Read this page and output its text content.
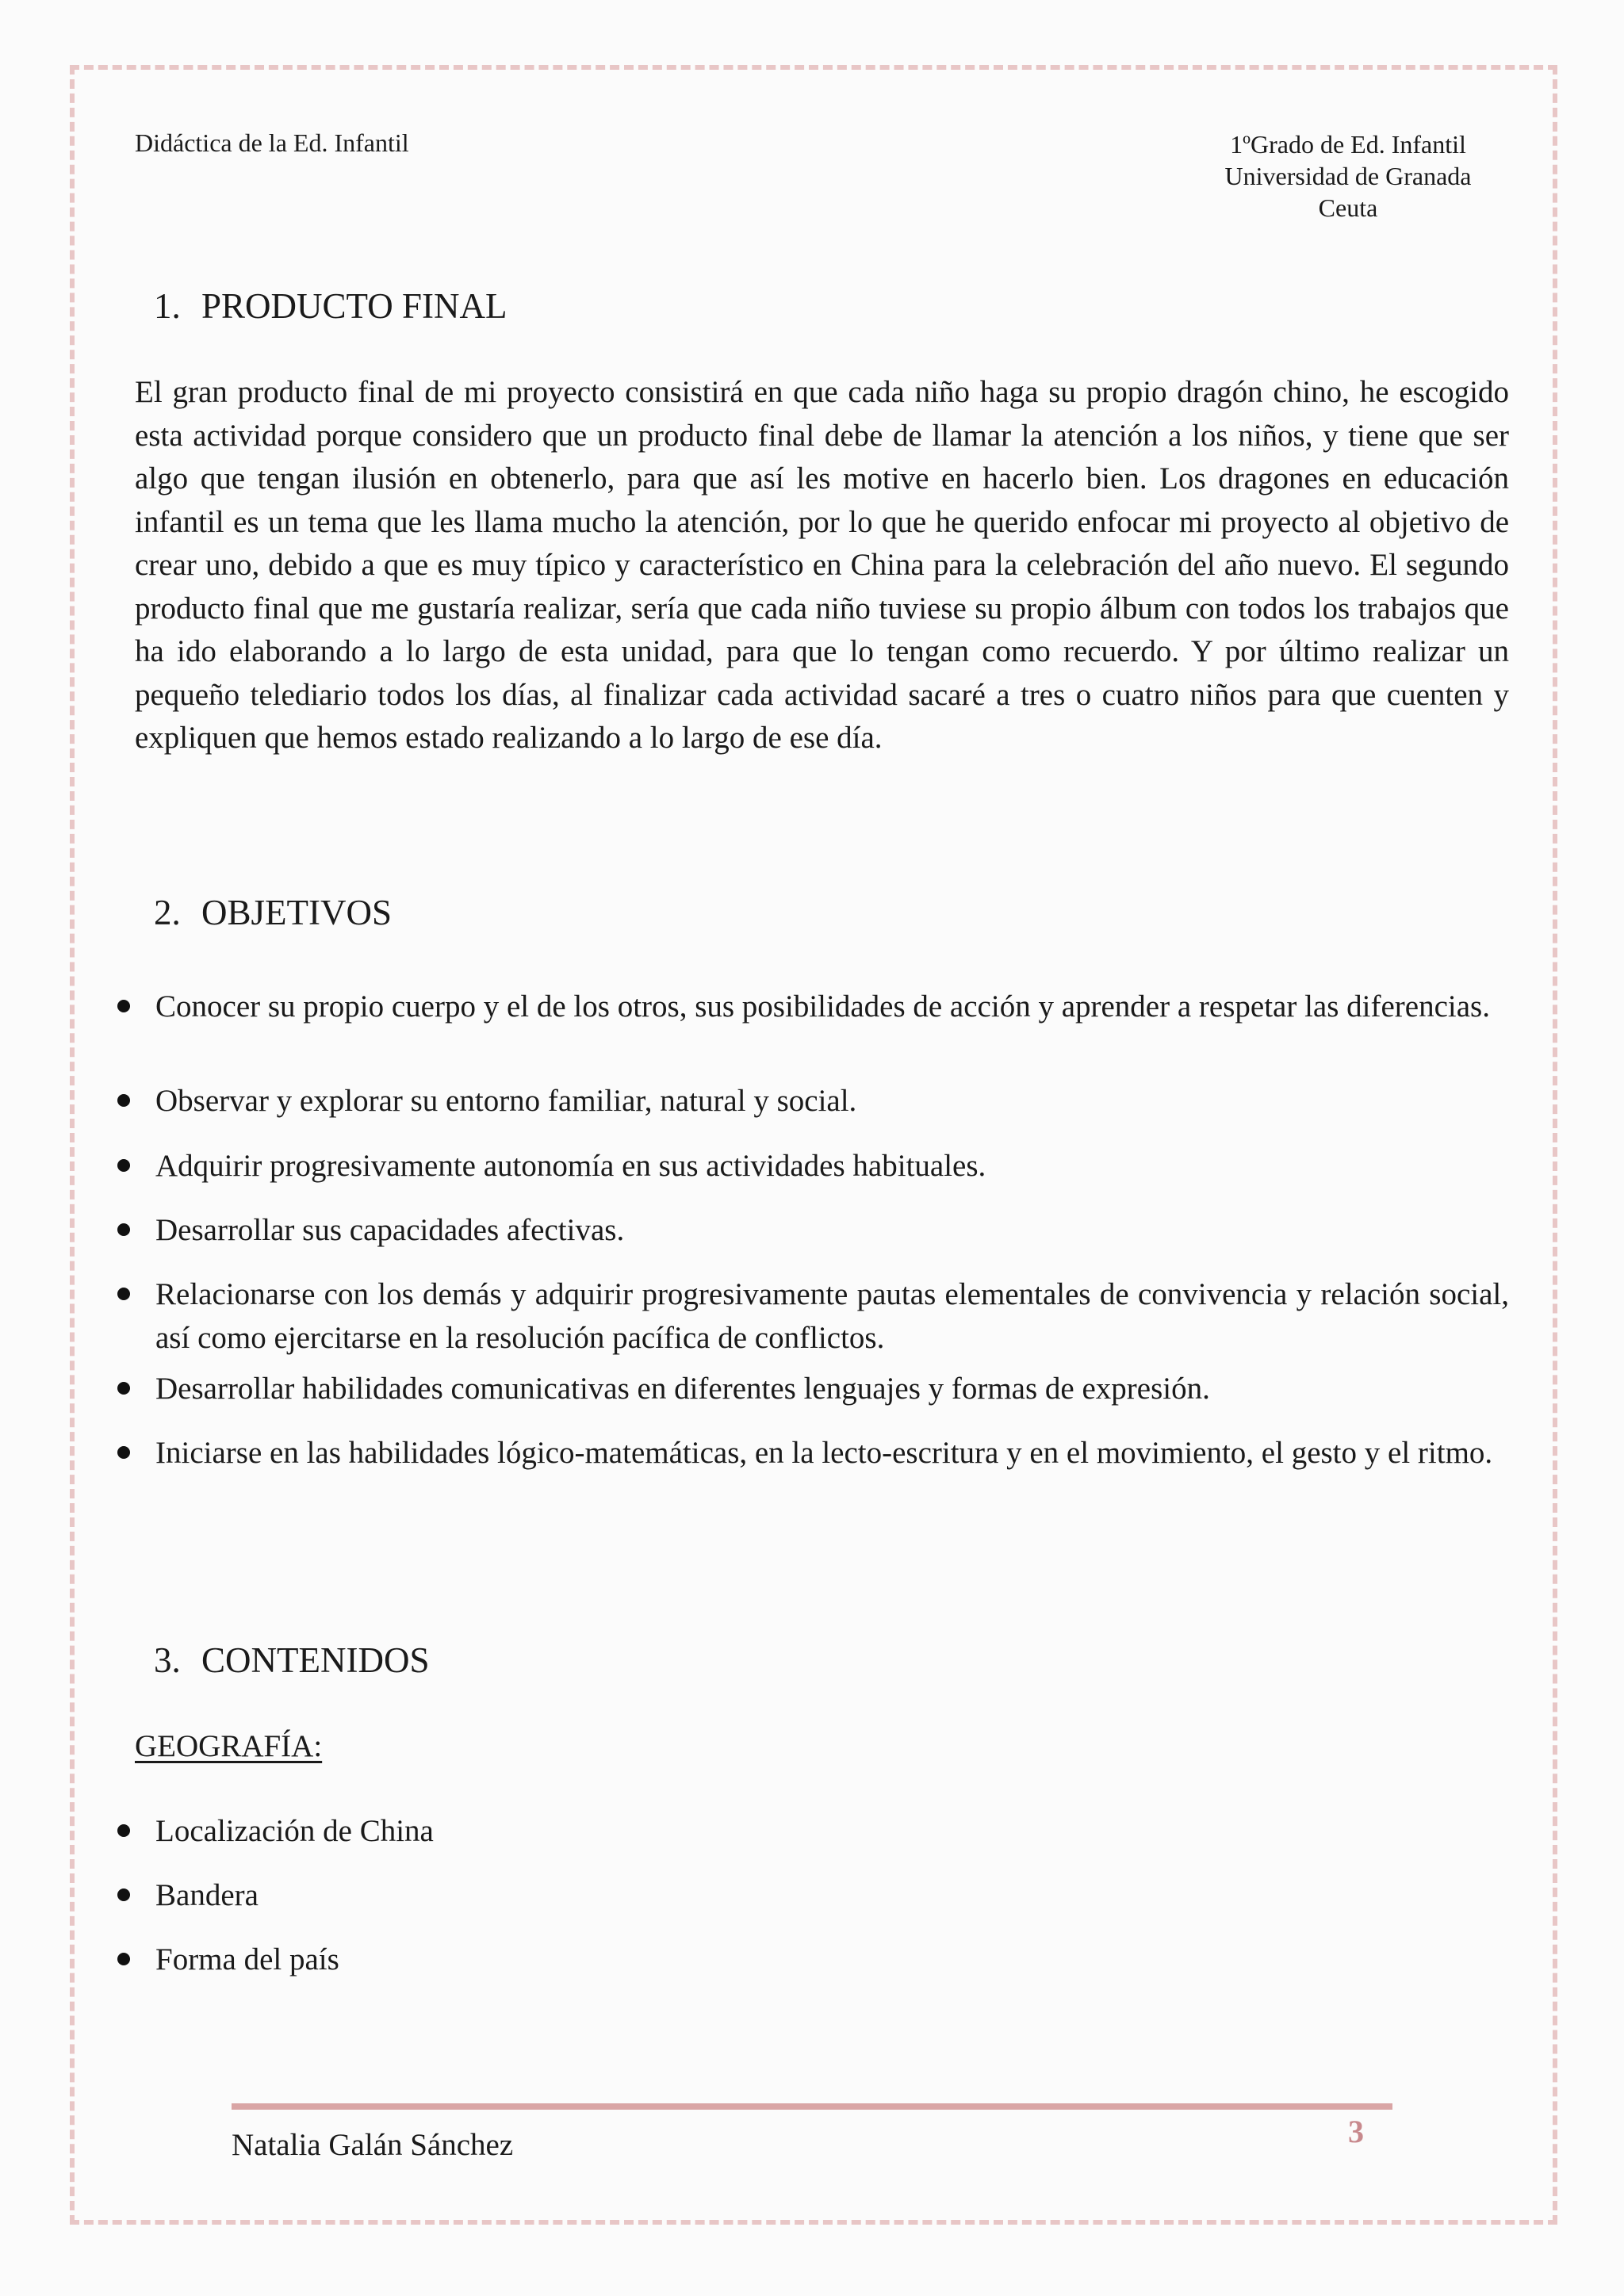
Didáctica de la Ed. Infantil	1ºGrado de Ed. Infantil
Universidad de Granada
Ceuta
1. PRODUCTO FINAL

El gran producto final de mi proyecto consistirá en que cada niño haga su propio dragón chino, he escogido esta actividad porque considero que un producto final debe de llamar la atención a los niños, y tiene que ser algo que tengan ilusión en obtenerlo, para que así les motive en hacerlo bien. Los dragones en educación infantil es un tema que les llama mucho la atención, por lo que he querido enfocar mi proyecto al objetivo de crear uno, debido a que es muy típico y característico en China para la celebración del año nuevo. El segundo producto final que me gustaría realizar, sería que cada niño tuviese su propio álbum con todos los trabajos que ha ido elaborando a lo largo de esta unidad, para que lo tengan como recuerdo. Y por último realizar un pequeño telediario todos los días, al finalizar cada actividad sacaré a tres o cuatro niños para que cuenten y expliquen que hemos estado realizando a lo largo de ese día.

2. OBJETIVOS
Conocer su propio cuerpo y el de los otros, sus posibilidades de acción y aprender a respetar las diferencias.
Observar y explorar su entorno familiar, natural y social.
Adquirir progresivamente autonomía en sus actividades habituales.
Desarrollar sus capacidades afectivas.
Relacionarse con los demás y adquirir progresivamente pautas elementales de convivencia y relación social, así como ejercitarse en la resolución pacífica de conflictos.
Desarrollar habilidades comunicativas en diferentes lenguajes y formas de expresión.
Iniciarse en las habilidades lógico-matemáticas, en la lecto-escritura y en el movimiento, el gesto y el ritmo.
3. CONTENIDOS
GEOGRAFÍA:
Localización de China
Bandera
Forma del país
Natalia Galán Sánchez	3
